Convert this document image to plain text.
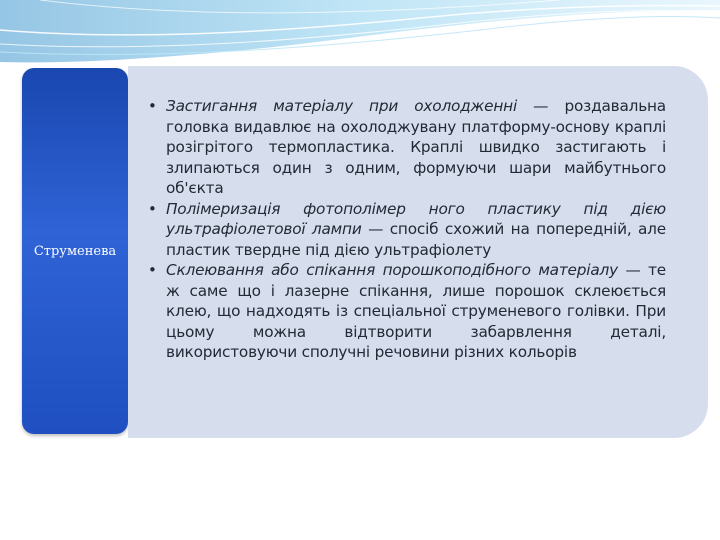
Струменева
• Застигання матеріалу при охолодженні — роздавальна головка видавлює на охолоджувану платформу-основу краплі розігрітого термопластика. Краплі швидко застигають і злипаються один з одним, формуючи шари майбутнього об'єкта
• Полімеризація фотополімер ного пластику під дією ультрафіолетової лампи — спосіб схожий на попередній, але пластик твердне під дією ультрафіолету
• Склеювання або спікання порошкоподібного матеріалу — те ж саме що і лазерне спікання, лише порошок склеюється клею, що надходять із спеціальної струменевого голівки. При цьому можна відтворити забарвлення деталі, використовуючи сполучні речовини різних кольорів
